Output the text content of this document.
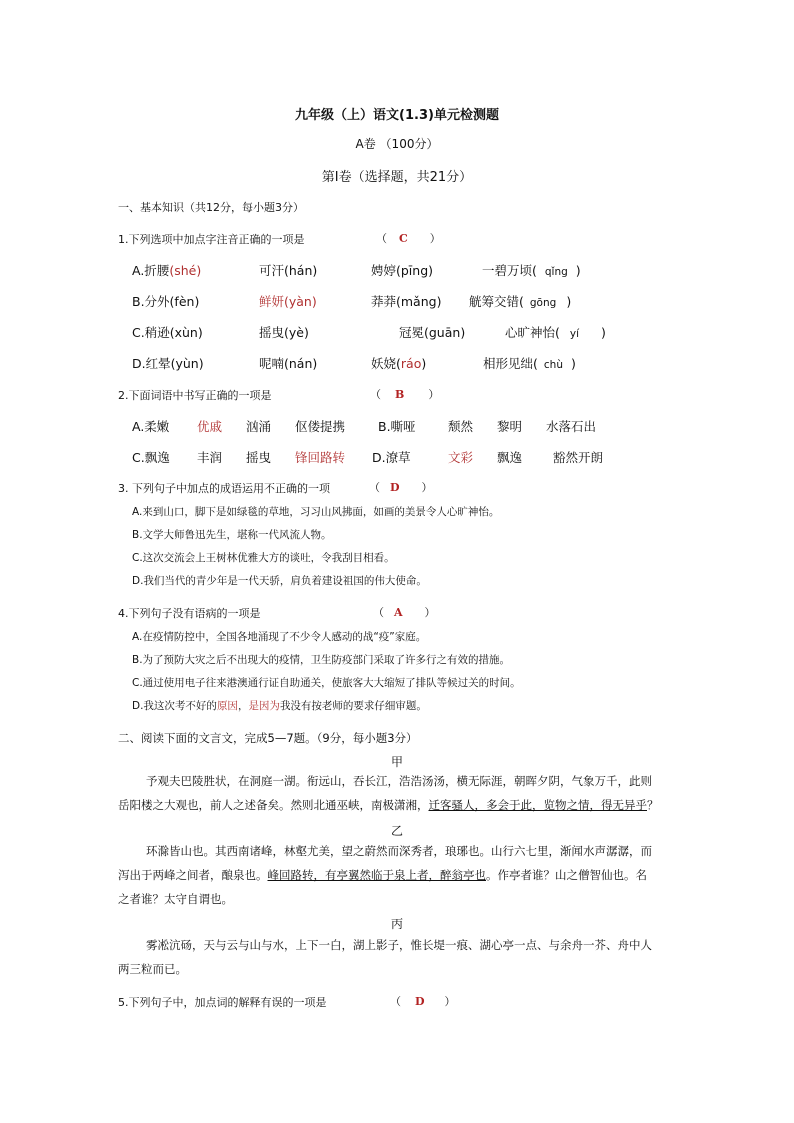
九年级（上）语文(1.3)单元检测题
A卷 （100分）
第Ⅰ卷（选择题，共21分）
一、基本知识（共12分，每小题3分）
1.下列选项中加点字注音正确的一项是	（ C ）
A.折腰(shé)	可汗(hán)	娉婷(pīng)	一碧万顷( qǐng )
B.分外(fèn)	鲜妍(yàn)	莽莽(mǎng) 觥筹交错( gōng )
C.稍逊(xùn)	摇曳(yè)	冠冕(guān)	心旷神怡( yí )
D.红晕(yùn)	呢喃(nán)	妖娆(ráo)	相形见绌( chù )
2.下面词语中书写正确的一项是	（ B ）
A.柔嫩 优戚 汹涌 伛偻提携	B.嘶哑	颓然 黎明 水落石出
C.飘逸 丰润 摇曳 锋回路转 D.潦草	文彩 飘逸 豁然开朗
3. 下列句子中加点的成语运用不正确的一项	（ D ）
A.来到山口，脚下是如绿毯的草地，习习山风拂面，如画的美景令人心旷神怡。
B.文学大师鲁迅先生，堪称一代风流人物。
C.这次交流会上王树林优雅大方的谈吐，令我刮目相看。
D.我们当代的青少年是一代天骄，肩负着建设祖国的伟大使命。
4.下列句子没有语病的一项是	（ A ）
A.在疫情防控中，全国各地涌现了不少令人感动的战“疫”家庭。
B.为了预防大灾之后不出现大的疫情，卫生防疫部门采取了许多行之有效的措施。
C.通过使用电子往来港澳通行证自助通关，使旅客大大缩短了排队等候过关的时间。
D.我这次考不好的原因，是因为我没有按老师的要求仔细审题。
二、阅读下面的文言文，完成5—7题。（9分，每小题3分）
甲
予观夫巴陵胜状，在洞庭一湖。衔远山，吞长江，浩浩汤汤，横无际涯，朝晖夕阴，气象万千，此则
岳阳楼之大观也，前人之述备矣。然则北通巫峡，南极潇湘，迁客骚人，多会于此，览物之情，得无异乎？
乙
环滁皆山也。其西南诸峰，林壑尤美，望之蔚然而深秀者，琅琊也。山行六七里，渐闻水声潺潺，而
泻出于两峰之间者，酿泉也。峰回路转，有亭翼然临于泉上者，醉翁亭也。作亭者谁？山之僧智仙也。名
之者谁？太守自谓也。
丙
雾凇沆砀，天与云与山与水，上下一白，湖上影子，惟长堤一痕、湖心亭一点、与余舟一芥、舟中人
两三粒而已。
5.下列句子中，加点词的解释有误的一项是	（ D ）
